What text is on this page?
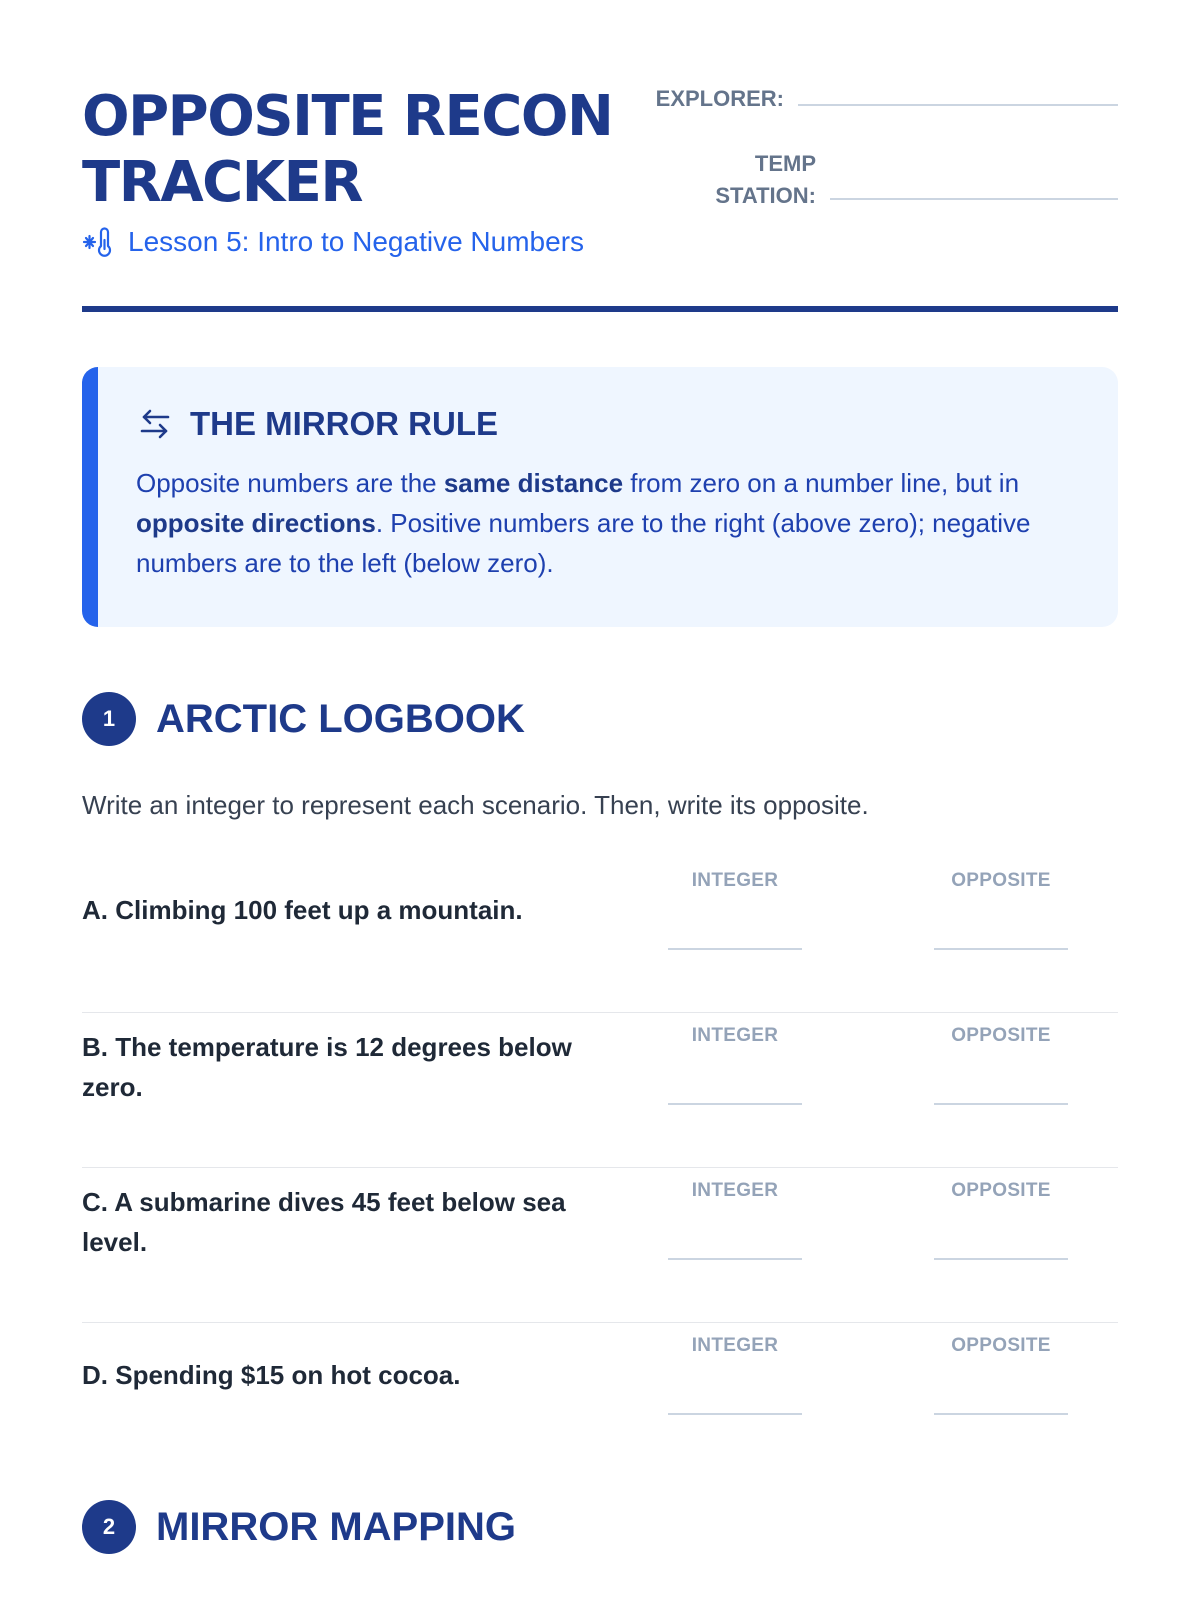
OPPOSITE RECON TRACKER
Lesson 5: Intro to Negative Numbers
EXPLORER:
TEMP STATION:
THE MIRROR RULE

Opposite numbers are the same distance from zero on a number line, but in opposite directions. Positive numbers are to the right (above zero); negative numbers are to the left (below zero).

1	ARCTIC LOGBOOK

Write an integer to represent each scenario. Then, write its opposite.

A. Climbing 100 feet up a mountain.
INTEGER	OPPOSITE
B. The temperature is 12 degrees below zero.
INTEGER	OPPOSITE
C. A submarine dives 45 feet below sea level.
INTEGER	OPPOSITE
D. Spending $15 on hot cocoa.
INTEGER	OPPOSITE
2	MIRROR MAPPING
